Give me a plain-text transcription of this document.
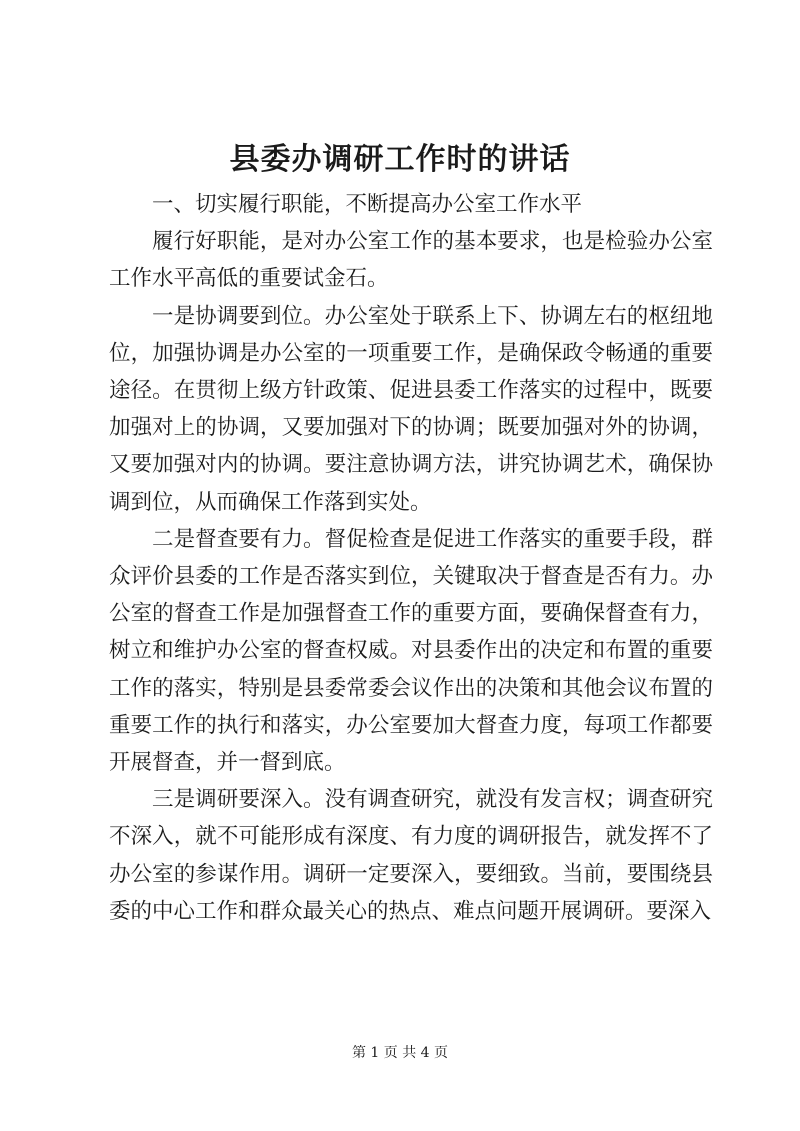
县委办调研工作时的讲话

一、切实履行职能，不断提高办公室工作水平

履行好职能，是对办公室工作的基本要求，也是检验办公室工作水平高低的重要试金石。

一是协调要到位。办公室处于联系上下、协调左右的枢纽地位，加强协调是办公室的一项重要工作，是确保政令畅通的重要途径。在贯彻上级方针政策、促进县委工作落实的过程中，既要加强对上的协调，又要加强对下的协调；既要加强对外的协调，又要加强对内的协调。要注意协调方法，讲究协调艺术，确保协调到位，从而确保工作落到实处。

二是督查要有力。督促检查是促进工作落实的重要手段，群众评价县委的工作是否落实到位，关键取决于督查是否有力。办公室的督查工作是加强督查工作的重要方面，要确保督查有力，树立和维护办公室的督查权威。对县委作出的决定和布置的重要工作的落实，特别是县委常委会议作出的决策和其他会议布置的重要工作的执行和落实，办公室要加大督查力度，每项工作都要开展督查，并一督到底。

三是调研要深入。没有调查研究，就没有发言权；调查研究不深入，就不可能形成有深度、有力度的调研报告，就发挥不了办公室的参谋作用。调研一定要深入，要细致。当前，要围绕县委的中心工作和群众最关心的热点、难点问题开展调研。要深入

第 1 页 共 4 页
